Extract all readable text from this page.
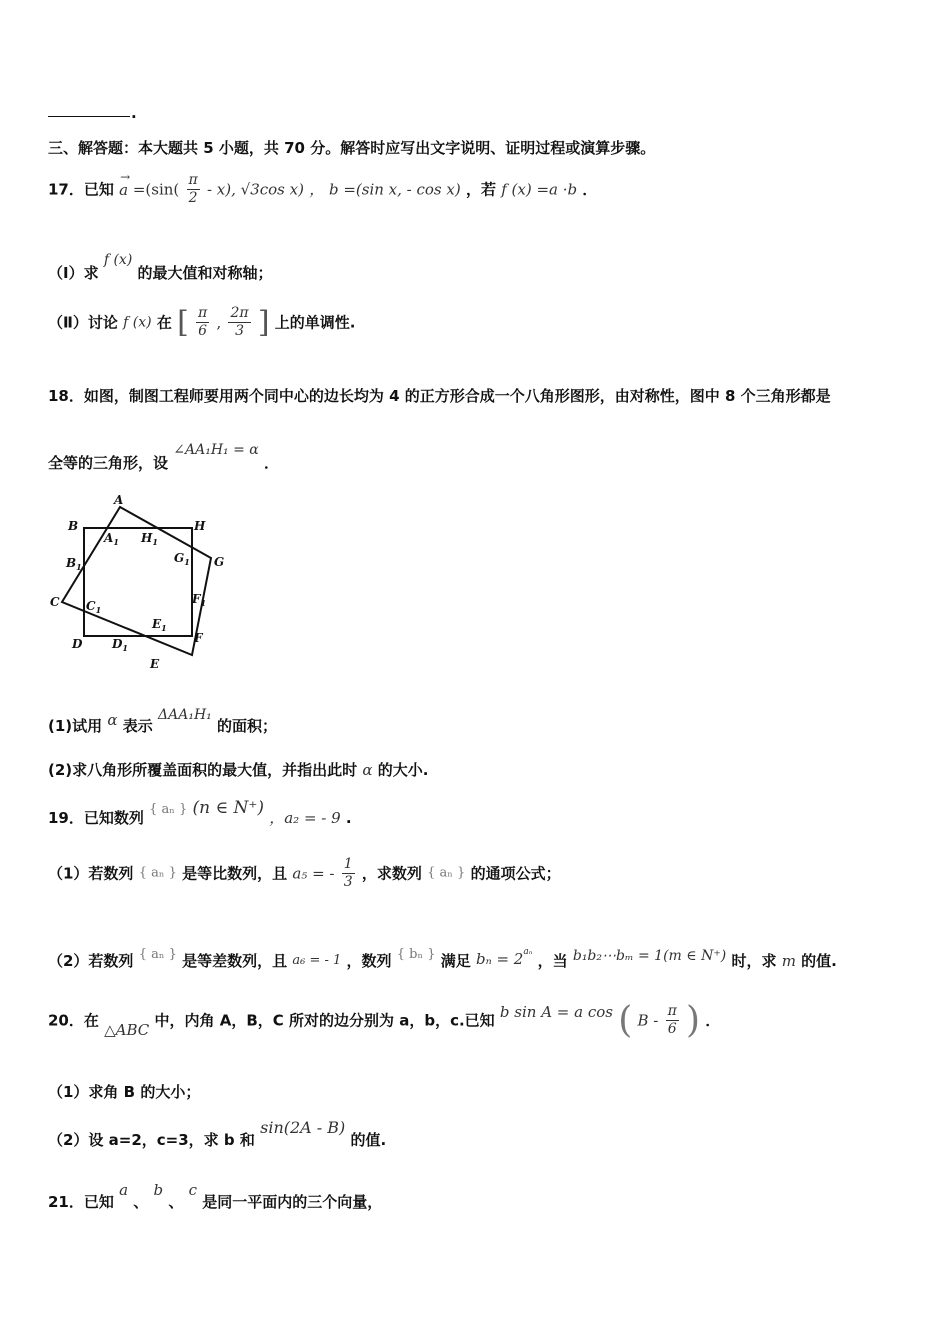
.
三、解答题：本大题共 5 小题，共 70 分。解答时应写出文字说明、证明过程或演算步骤。
17．已知
→
$a =(\sin( \frac{\pi}{2} - x)$, √3cos x) ， b =(sin x, - cos x) ，若 f (x) =a ·b ．
（Ⅰ）求 f (x) 的最大值和对称轴；
（Ⅱ）讨论 f (x) 在 [ $\frac{\pi}{6}$ , $\frac{2\pi}{3}$ ] 上的单调性.
18．如图，制图工程师要用两个同中心的边长均为 4 的正方形合成一个八角形图形，由对称性，图中 8 个三角形都是
全等的三角形，设 ∠AA₁H₁ = α ．
A
B	H
$A_1$ $H_1$
$B_1$
$G_1$ G
C $C_1$
$F_1$
$E_1$
D $D_1$
F
E
(1)试用 α 表示 ΔAA₁H₁ 的面积；
(2)求八角形所覆盖面积的最大值，并指出此时 α 的大小.
19．已知数列 { aₙ } (n ∈ N⁺) ，a₂ = - 9 .
（1）若数列 { aₙ } 是等比数列，且 a₅ = - $\frac{1}{3}$ ，求数列 { aₙ } 的通项公式；
（2）若数列 { aₙ } 是等差数列，且 a₆ = - 1 ，数列 { bₙ } 满足 $b_n = 2^{a_n}$ ，当 b₁b₂⋯bₘ = 1(m ∈ N⁺) 时，求 m 的值.
20．在 △ABC 中，内角 A，B，C 所对的边分别为 a，b，c.已知 b sin A = a cos ( B - $\frac{\pi}{6}$ ) ．
（1）求角 B 的大小；
（2）设 a=2，c=3，求 b 和 sin(2A - B) 的值.
21．已知 a 、 b 、 c 是同一平面内的三个向量，
